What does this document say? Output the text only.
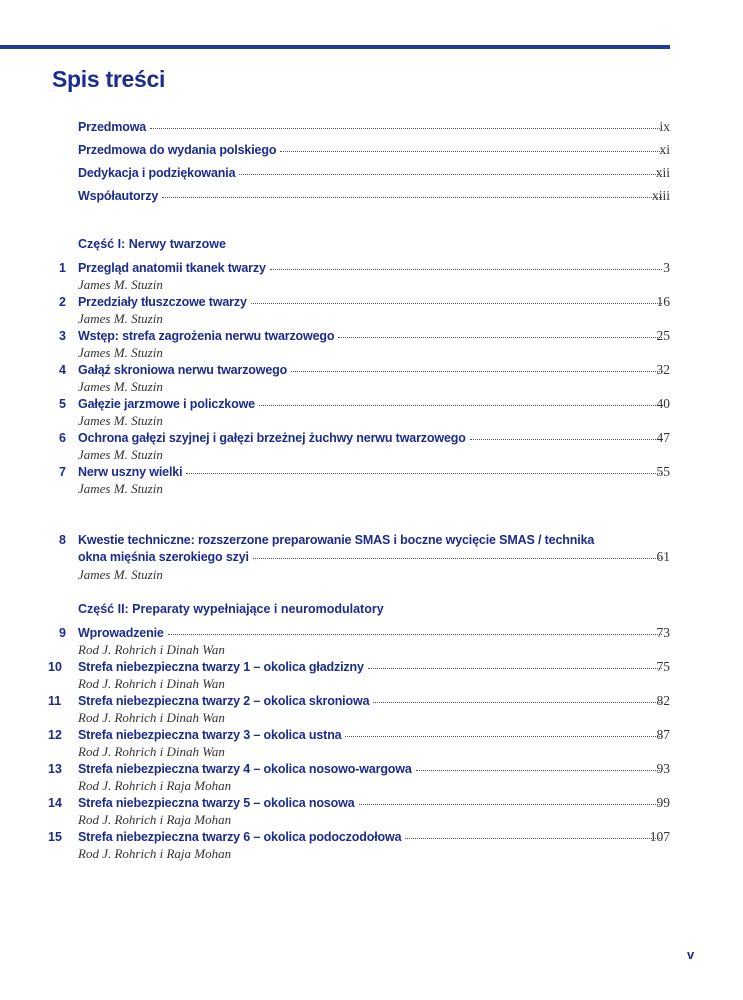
Spis treści
Przedmowa	ix
Przedmowa do wydania polskiego	xi
Dedykacja i podziękowania	xii
Współautorzy	xiii
Część I: Nerwy twarzowe
1 Przegląd anatomii tkanek twarzy	3
James M. Stuzin
2 Przedziały tłuszczowe twarzy	16
James M. Stuzin
3 Wstęp: strefa zagrożenia nerwu twarzowego	25
James M. Stuzin
4 Gałąź skroniowa nerwu twarzowego	32
James M. Stuzin
5 Gałęzie jarzmowe i policzkowe	40
James M. Stuzin
6 Ochrona gałęzi szyjnej i gałęzi brzeżnej żuchwy nerwu twarzowego	47
James M. Stuzin
7 Nerw uszny wielki	55
James M. Stuzin
8 Kwestie techniczne: rozszerzone preparowanie SMAS i boczne wycięcie SMAS / technika
okna mięśnia szerokiego szyi	61
James M. Stuzin
Część II: Preparaty wypełniające i neuromodulatory
9 Wprowadzenie	73
Rod J. Rohrich i Dinah Wan
10	Strefa niebezpieczna twarzy 1 – okolica gładzizny	75
Rod J. Rohrich i Dinah Wan
11	Strefa niebezpieczna twarzy 2 – okolica skroniowa	82
Rod J. Rohrich i Dinah Wan
12	Strefa niebezpieczna twarzy 3 – okolica ustna	87
Rod J. Rohrich i Dinah Wan
13	Strefa niebezpieczna twarzy 4 – okolica nosowo-wargowa	93
Rod J. Rohrich i Raja Mohan
14	Strefa niebezpieczna twarzy 5 – okolica nosowa	99
Rod J. Rohrich i Raja Mohan
15	Strefa niebezpieczna twarzy 6 – okolica podoczodołowa	107
Rod J. Rohrich i Raja Mohan
v
